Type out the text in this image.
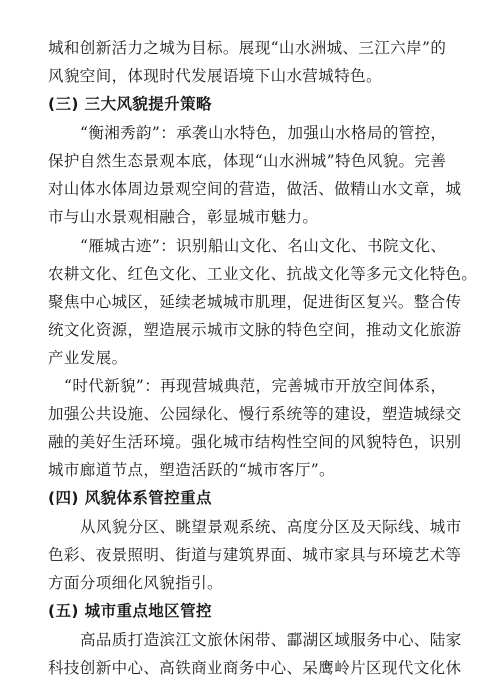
城和创新活力之城为目标。展现“山水洲城、三江六岸”的
风貌空间，体现时代发展语境下山水营城特色。
(三) 三大风貌提升策略
“衡湘秀韵”：承袭山水特色，加强山水格局的管控，
保护自然生态景观本底，体现“山水洲城”特色风貌。完善
对山体水体周边景观空间的营造，做活、做精山水文章，城
市与山水景观相融合，彰显城市魅力。
“雁城古迹”：识别船山文化、名山文化、书院文化、
农耕文化、红色文化、工业文化、抗战文化等多元文化特色。
聚焦中心城区，延续老城城市肌理，促进街区复兴。整合传
统文化资源，塑造展示城市文脉的特色空间，推动文化旅游
产业发展。
“时代新貌”：再现营城典范，完善城市开放空间体系，
加强公共设施、公园绿化、慢行系统等的建设，塑造城绿交
融的美好生活环境。强化城市结构性空间的风貌特色，识别
城市廊道节点，塑造活跃的“城市客厅”。
(四) 风貌体系管控重点
从风貌分区、眺望景观系统、高度分区及天际线、城市
色彩、夜景照明、街道与建筑界面、城市家具与环境艺术等
方面分项细化风貌指引。
(五) 城市重点地区管控
高品质打造滨江文旅休闲带、酃湖区域服务中心、陆家
科技创新中心、高铁商业商务中心、呆鹰岭片区现代文化休
